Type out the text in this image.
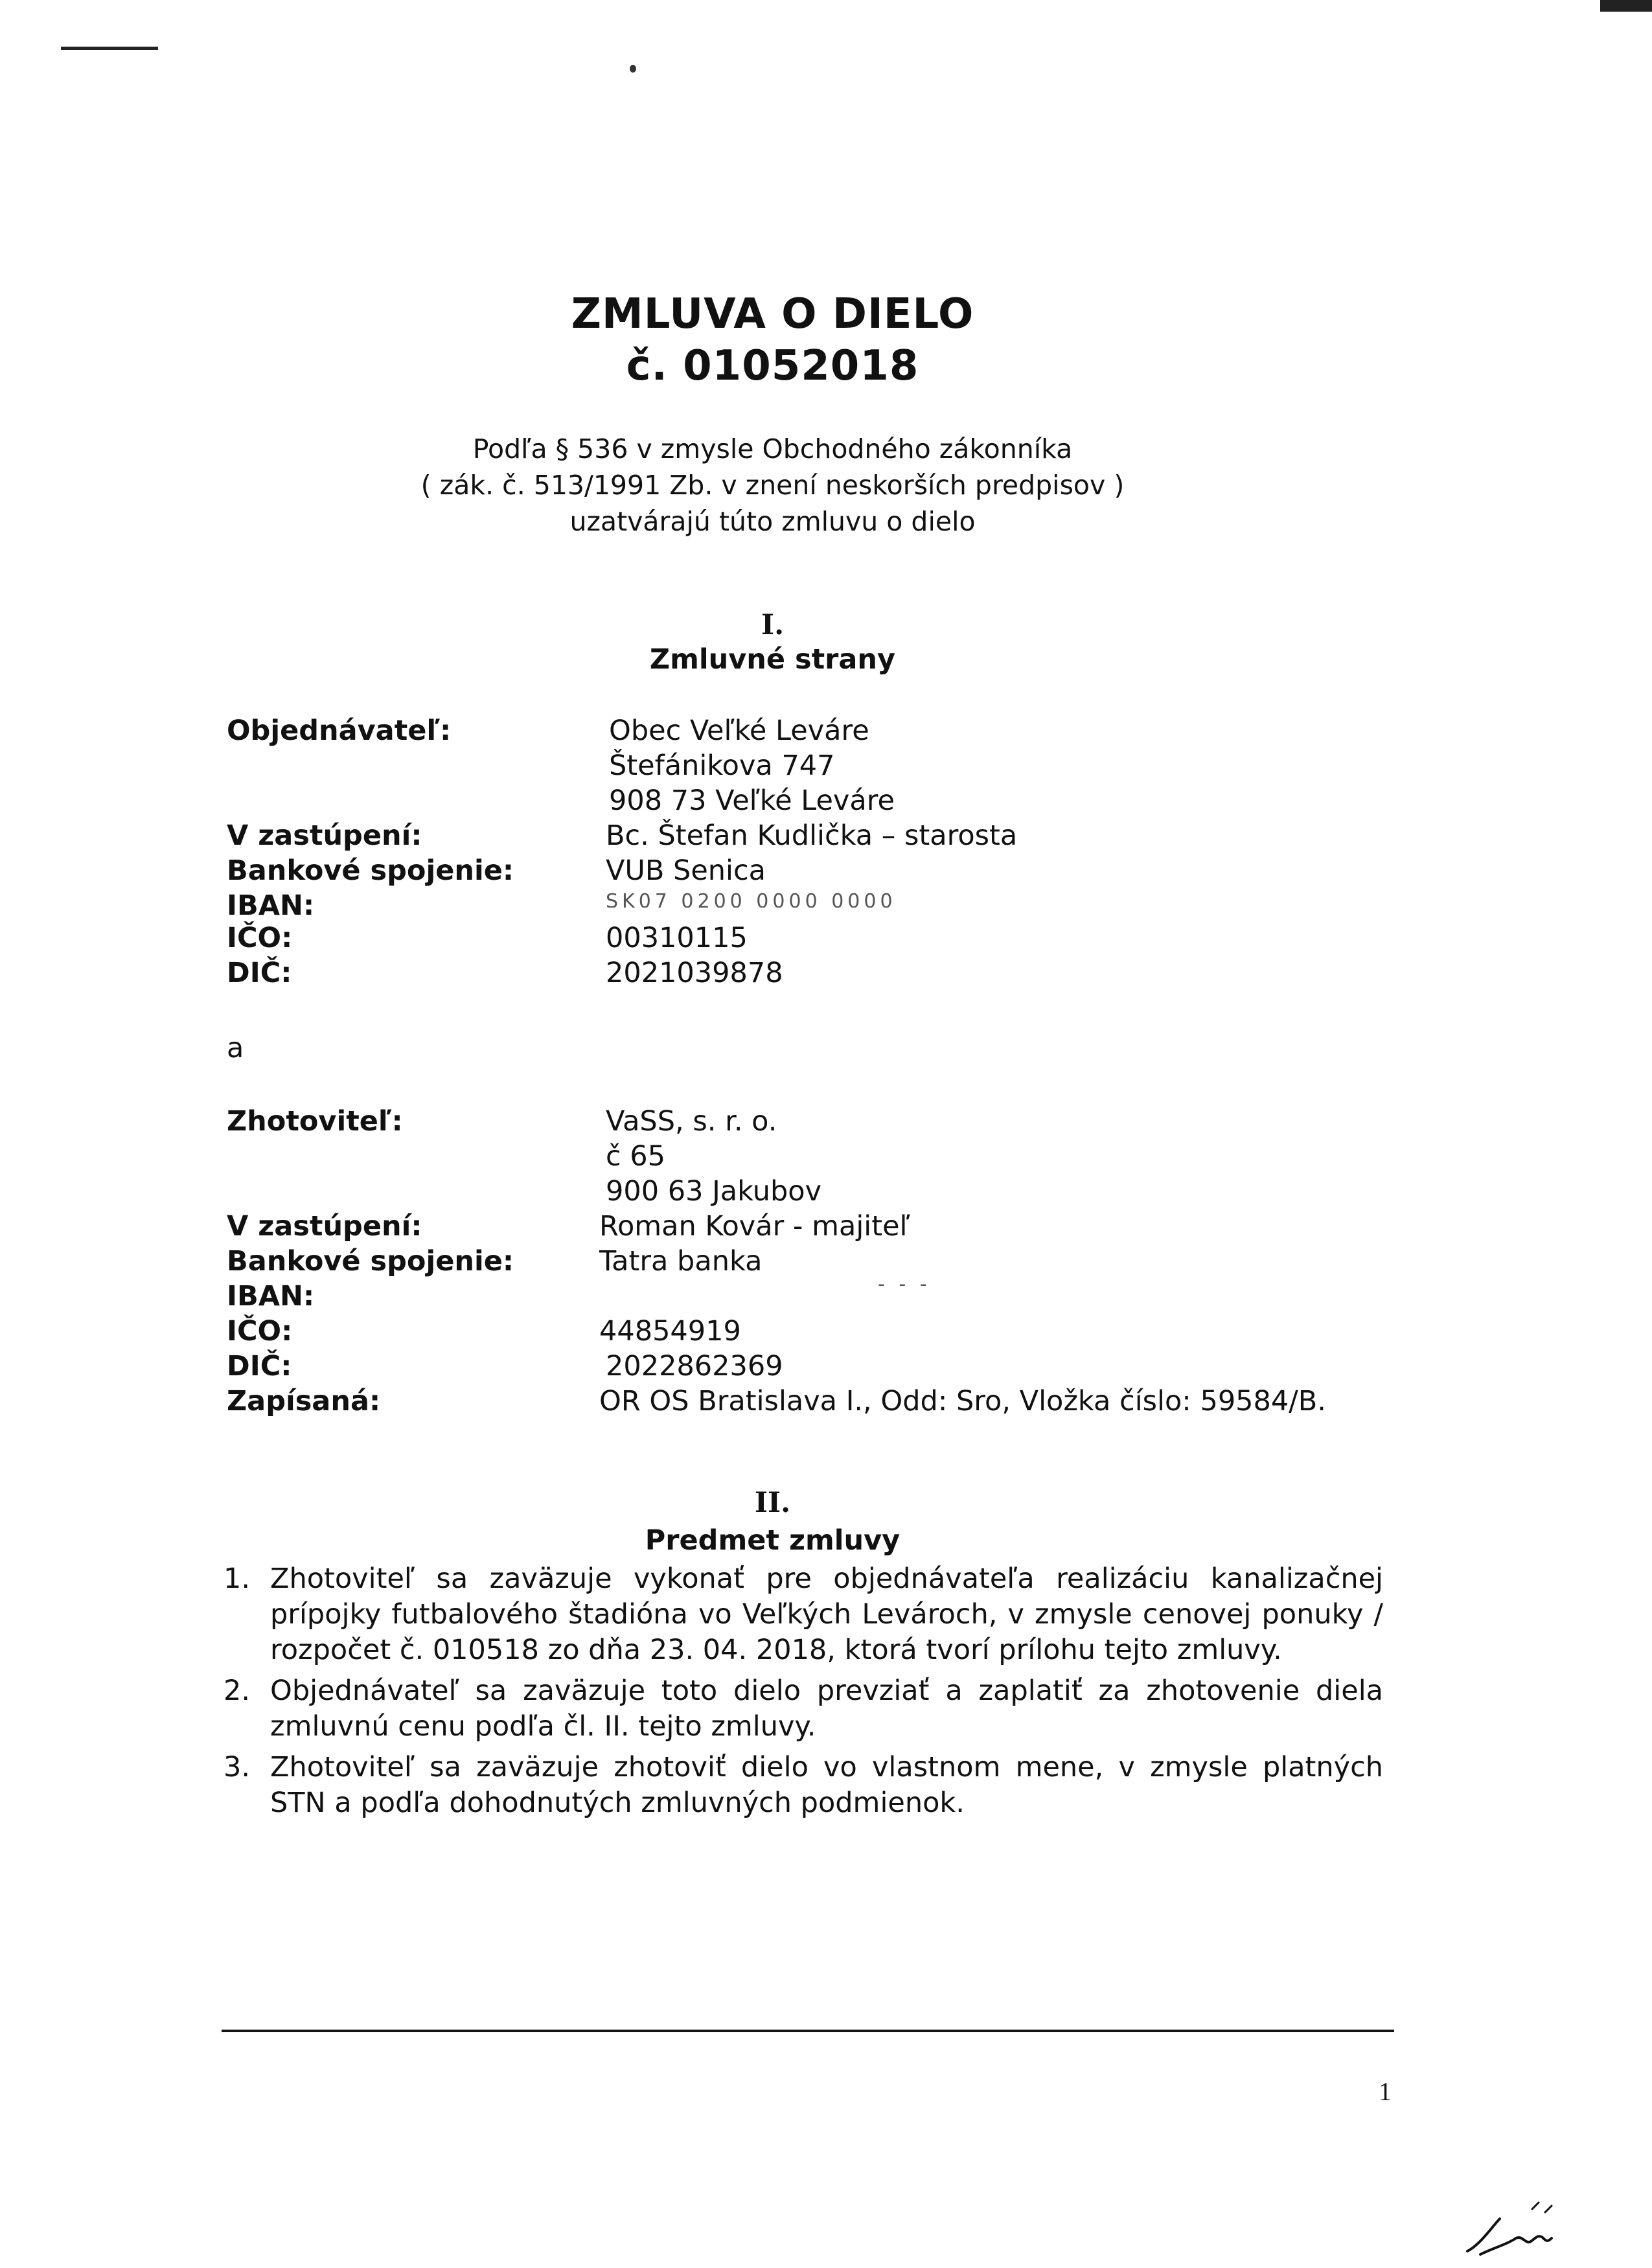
ZMLUVA O DIELO
č. 01052018
Podľa § 536 v zmysle Obchodného zákonníka
( zák. č. 513/1991 Zb. v znení neskorších predpisov )
uzatvárajú túto zmluvu o dielo
I.
Zmluvné strany
Objednávateľ:	Obec Veľké Leváre
Štefánikova 747
908 73 Veľké Leváre
V zastúpení:	Bc. Štefan Kudlička – starosta
Bankové spojenie:	VUB Senica
IBAN:	SK07 0200 0000 0000
IČO:	00310115
DIČ:	2021039878
a
Zhotoviteľ:	VaSS, s. r. o.
č 65
900 63 Jakubov
V zastúpení:	Roman Kovár - majiteľ
Bankové spojenie:	Tatra banka
IBAN:	- - -
IČO:	44854919
DIČ:	2022862369
Zapísaná:	OR OS Bratislava I., Odd: Sro, Vložka číslo: 59584/B.
II.
Predmet zmluvy
1. Zhotoviteľ sa zaväzuje vykonať pre objednávateľa realizáciu kanalizačnej prípojky futbalového štadióna vo Veľkých Levároch, v zmysle cenovej ponuky / rozpočet č. 010518 zo dňa 23. 04. 2018, ktorá tvorí prílohu tejto zmluvy.
2. Objednávateľ sa zaväzuje toto dielo prevziať a zaplatiť za zhotovenie diela zmluvnú cenu podľa čl. II. tejto zmluvy.
3. Zhotoviteľ sa zaväzuje zhotoviť dielo vo vlastnom mene, v zmysle platných STN a podľa dohodnutých zmluvných podmienok.
1
